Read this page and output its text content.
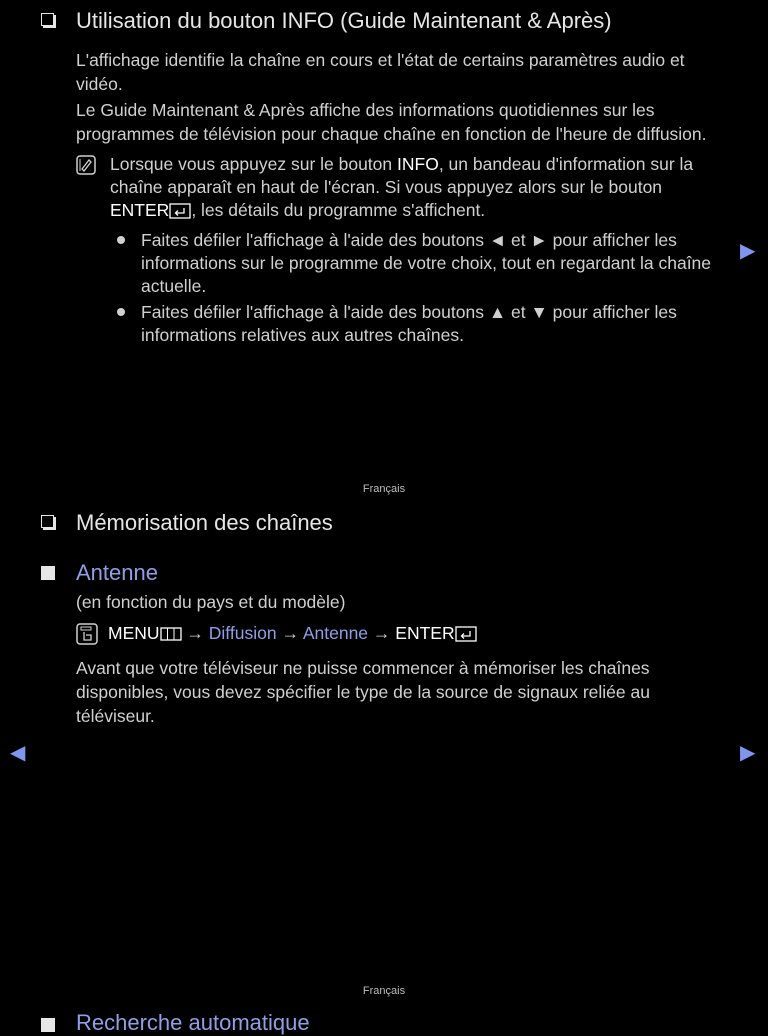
Utilisation du bouton INFO (Guide Maintenant & Après)
L'affichage identifie la chaîne en cours et l'état de certains paramètres audio et vidéo.
Le Guide Maintenant & Après affiche des informations quotidiennes sur les programmes de télévision pour chaque chaîne en fonction de l'heure de diffusion.
Lorsque vous appuyez sur le bouton INFO, un bandeau d'information sur la chaîne apparaît en haut de l'écran. Si vous appuyez alors sur le bouton ENTER , les détails du programme s'affichent.
Faites défiler l'affichage à l'aide des boutons ◄ et ► pour afficher les informations sur le programme de votre choix, tout en regardant la chaîne actuelle.
Faites défiler l'affichage à l'aide des boutons ▲ et ▼ pour afficher les informations relatives aux autres chaînes.
▶
Français
Mémorisation des chaînes
Antenne
(en fonction du pays et du modèle)
MENU → Diffusion → Antenne → ENTER
Avant que votre téléviseur ne puisse commencer à mémoriser les chaînes disponibles, vous devez spécifier le type de la source de signaux reliée au téléviseur.
◀	▶
Français
Recherche automatique
